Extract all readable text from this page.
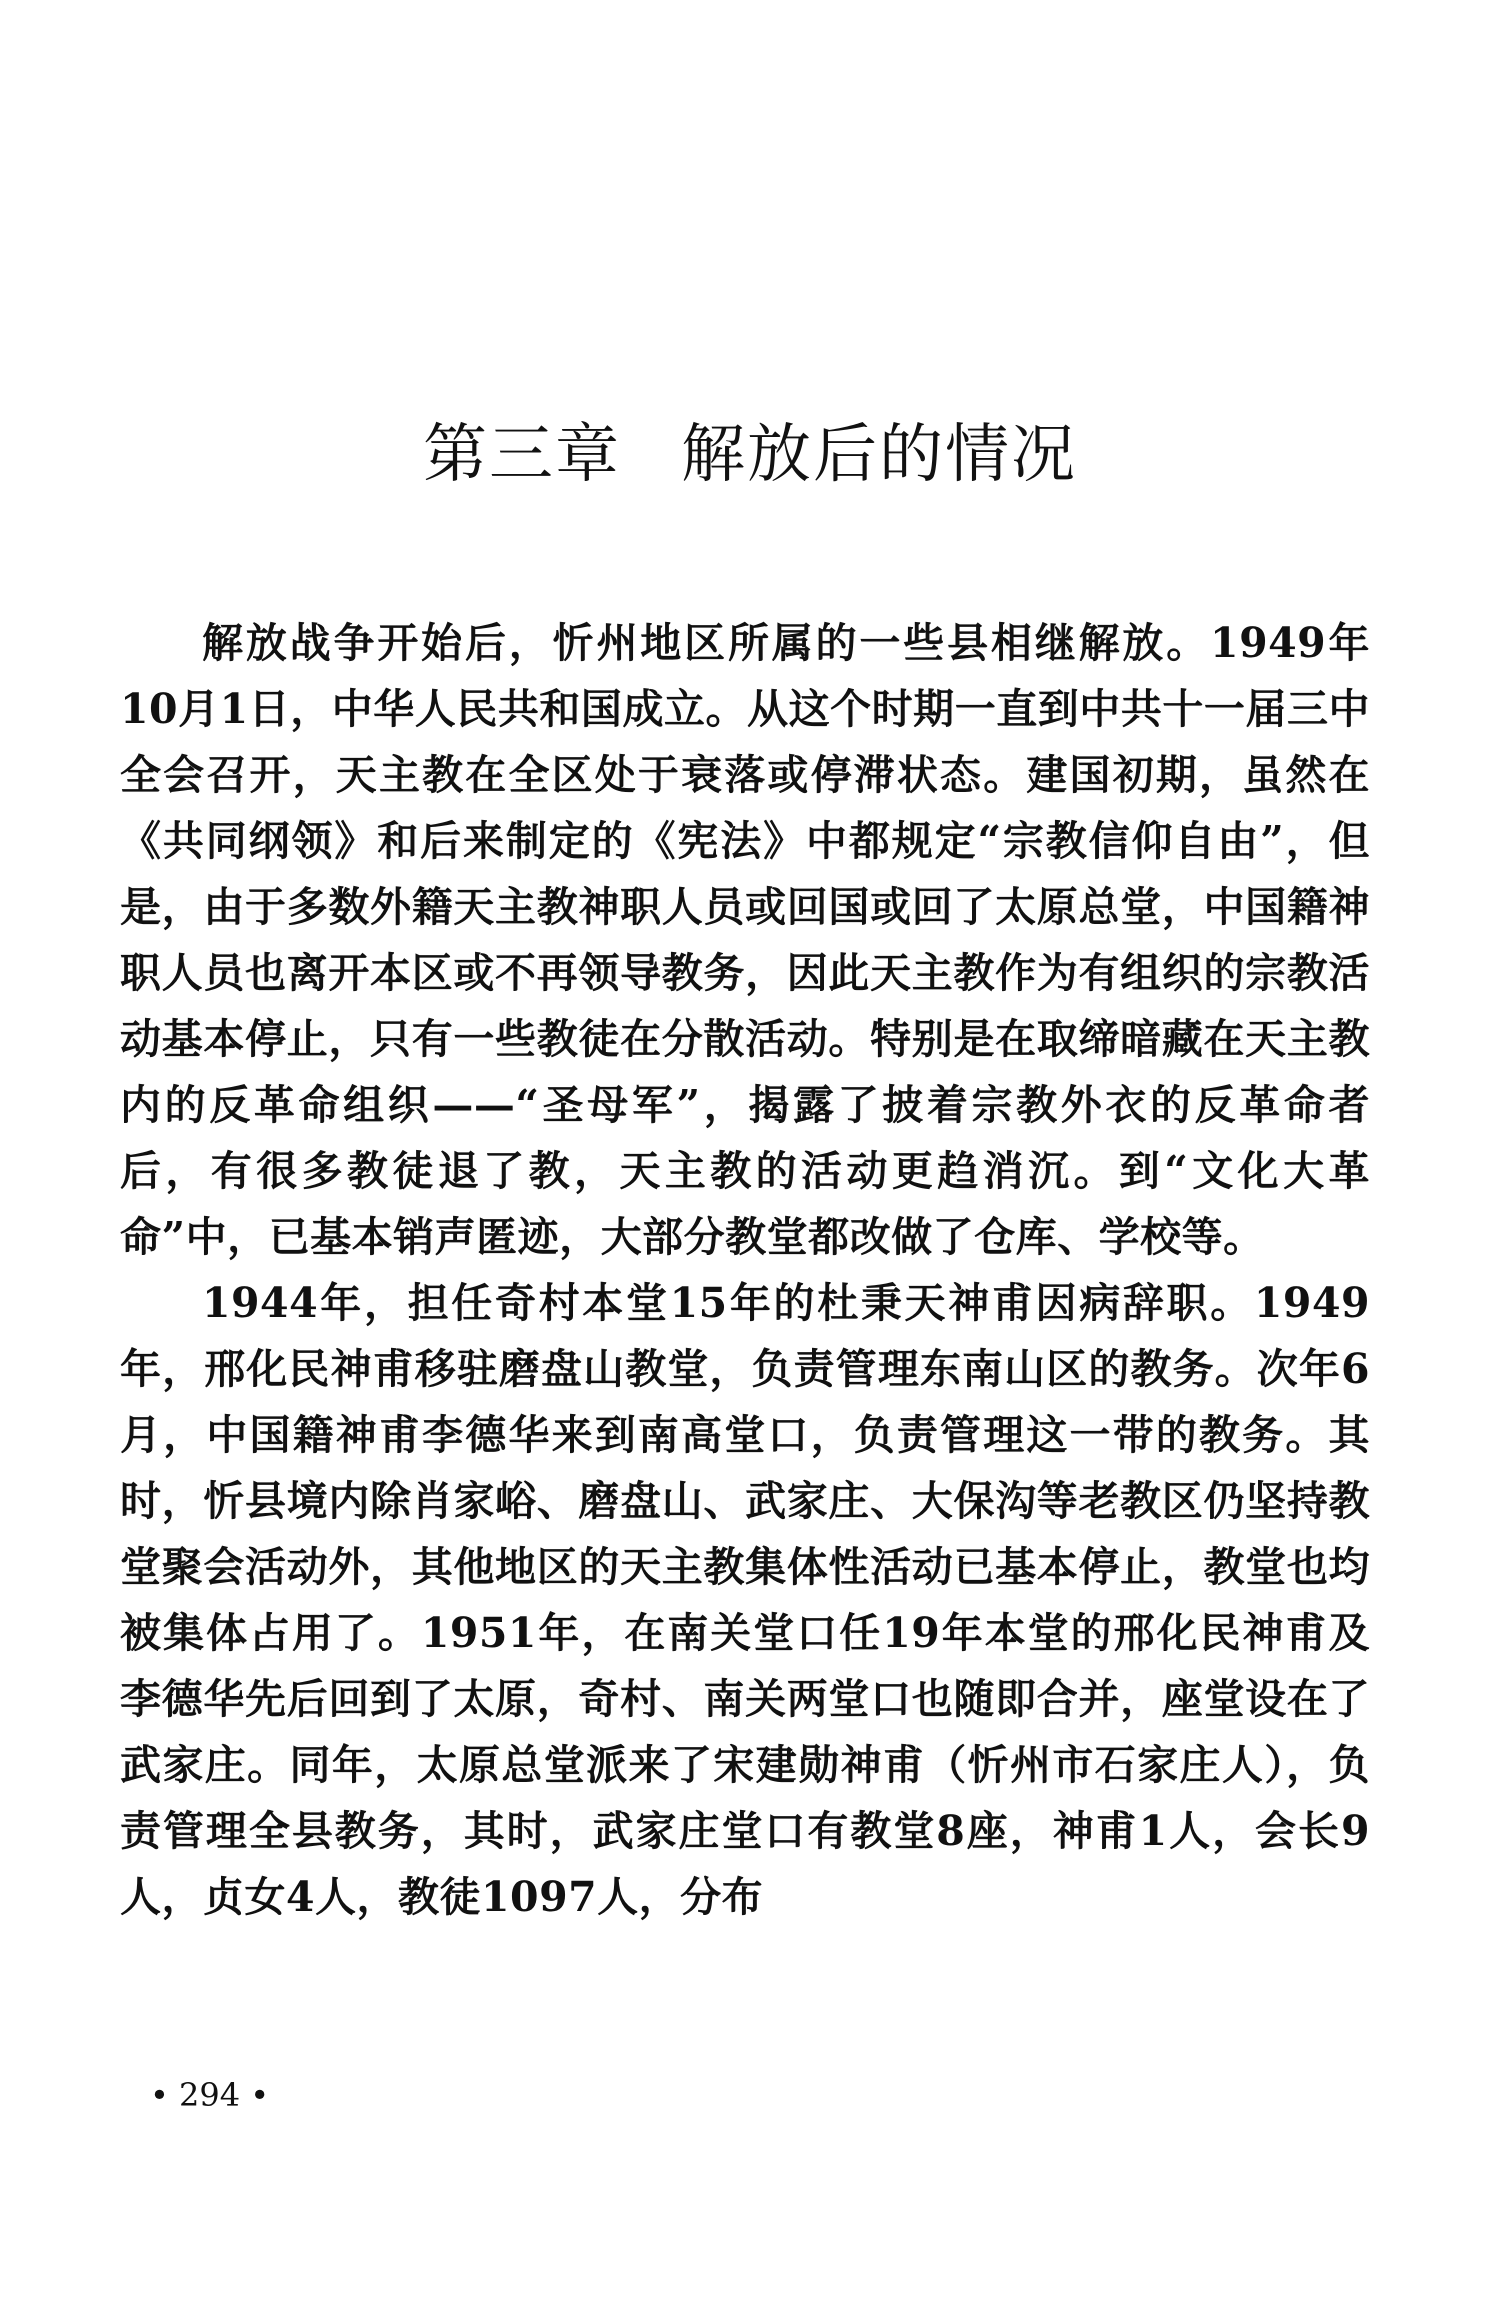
第三章 解放后的情况

解放战争开始后，忻州地区所属的一些县相继解放。1949年10月1日，中华人民共和国成立。从这个时期一直到中共十一届三中全会召开，天主教在全区处于衰落或停滞状态。建国初期，虽然在《共同纲领》和后来制定的《宪法》中都规定“宗教信仰自由”，但是，由于多数外籍天主教神职人员或回国或回了太原总堂，中国籍神职人员也离开本区或不再领导教务，因此天主教作为有组织的宗教活动基本停止，只有一些教徒在分散活动。特别是在取缔暗藏在天主教内的反革命组织——“圣母军”，揭露了披着宗教外衣的反革命者后，有很多教徒退了教，天主教的活动更趋消沉。到“文化大革命”中，已基本销声匿迹，大部分教堂都改做了仓库、学校等。

1944年，担任奇村本堂15年的杜秉天神甫因病辞职。1949年，邢化民神甫移驻磨盘山教堂，负责管理东南山区的教务。次年6月，中国籍神甫李德华来到南高堂口，负责管理这一带的教务。其时，忻县境内除肖家峪、磨盘山、武家庄、大保沟等老教区仍坚持教堂聚会活动外，其他地区的天主教集体性活动已基本停止，教堂也均被集体占用了。1951年，在南关堂口任19年本堂的邢化民神甫及李德华先后回到了太原，奇村、南关两堂口也随即合并，座堂设在了武家庄。同年，太原总堂派来了宋建勋神甫（忻州市石家庄人），负责管理全县教务，其时，武家庄堂口有教堂8座，神甫1人，会长9人，贞女4人，教徒1097人，分布

• 294 •
